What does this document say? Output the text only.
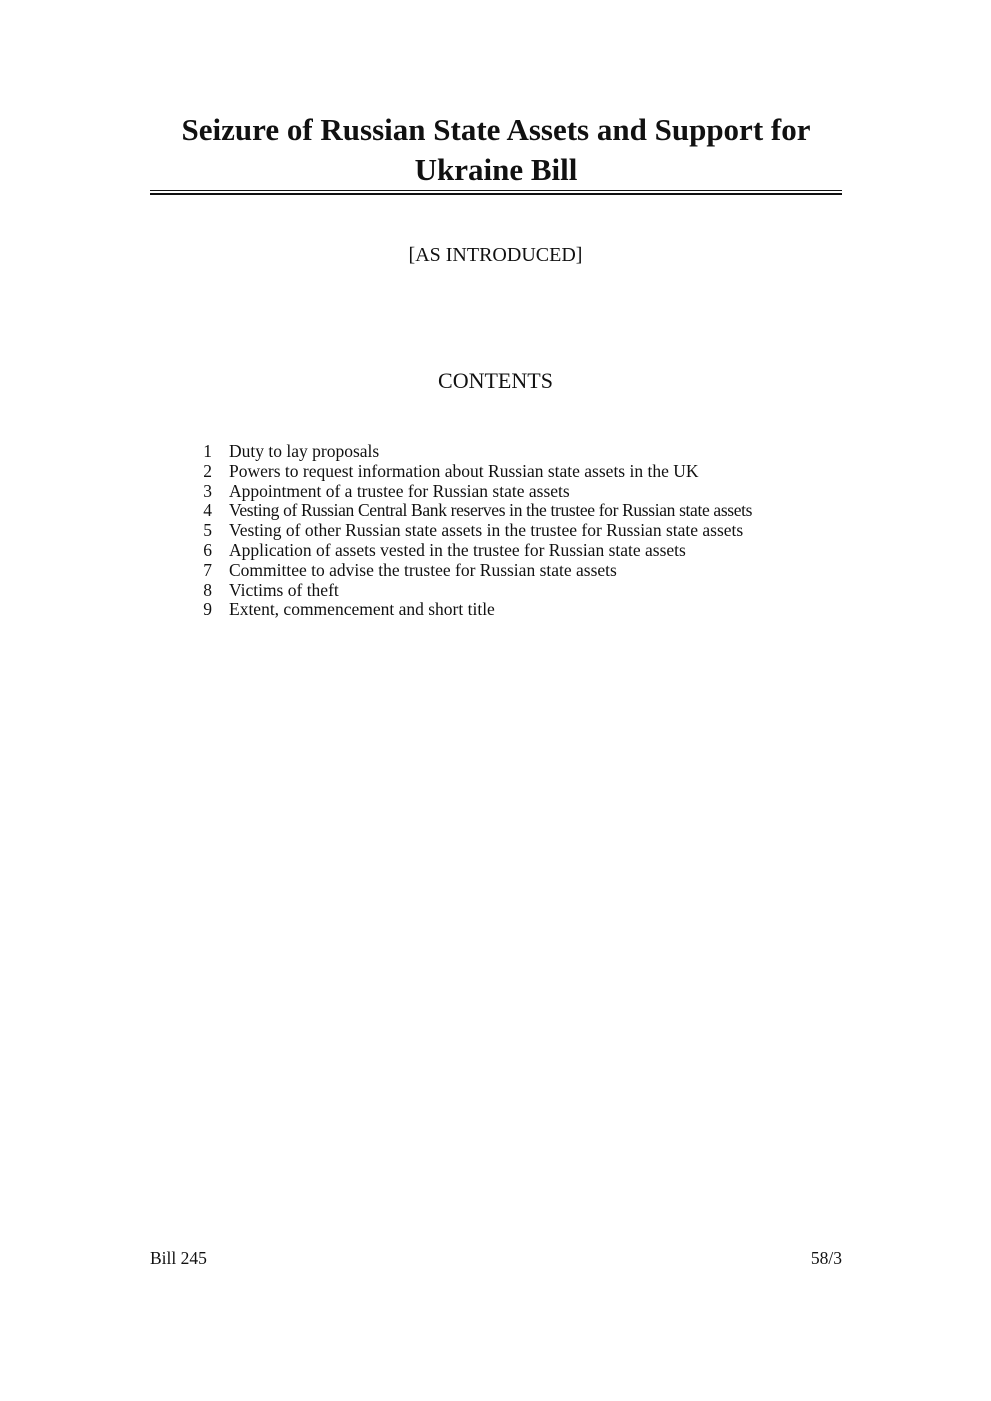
Seizure of Russian State Assets and Support for
Ukraine Bill
[AS INTRODUCED]
CONTENTS
1 Duty to lay proposals
2 Powers to request information about Russian state assets in the UK
3 Appointment of a trustee for Russian state assets
4 Vesting of Russian Central Bank reserves in the trustee for Russian state assets
5 Vesting of other Russian state assets in the trustee for Russian state assets
6 Application of assets vested in the trustee for Russian state assets
7 Committee to advise the trustee for Russian state assets
8 Victims of theft
9 Extent, commencement and short title
Bill 245	58/3
